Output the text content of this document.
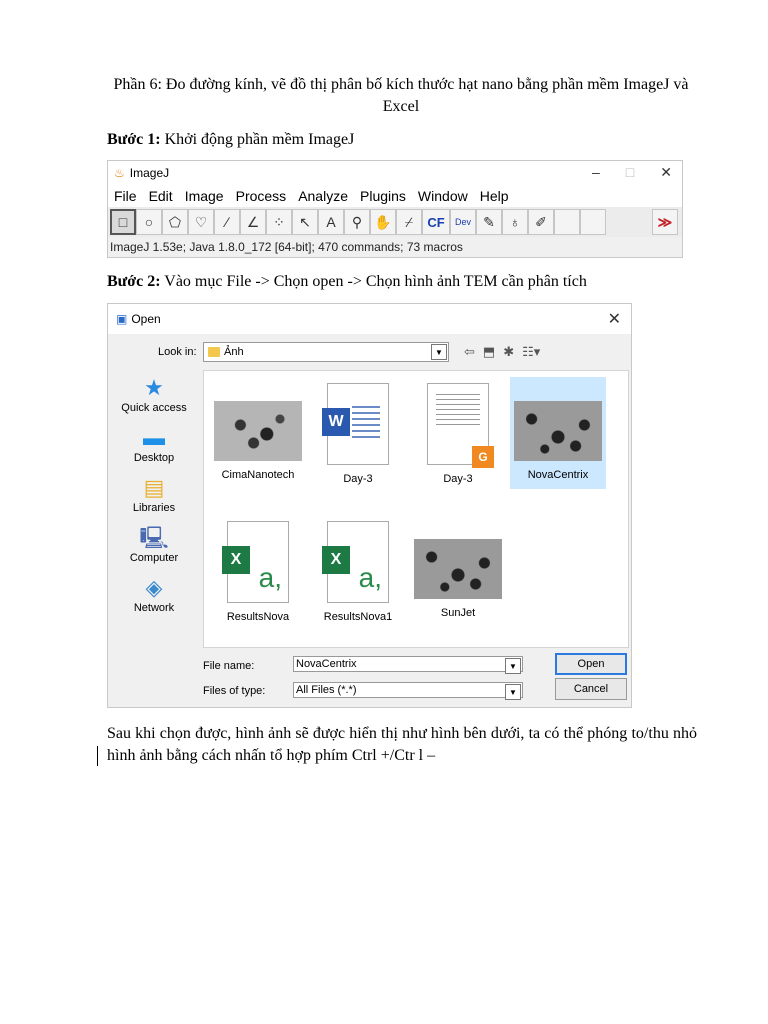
Phần 6: Đo đường kính, vẽ đồ thị phân bố kích thước hạt nano bằng phần mềm ImageJ và Excel
Bước 1: Khởi động phần mềm ImageJ
♨ ImageJ	– □ ✕
File Edit Image Process Analyze Plugins Window Help
□	○	⬠ ♡	∕	∠ ⁘	↖	A	⚲ ✋ ⌿	CF	Dev ✎	♁	✐	≫
ImageJ 1.53e; Java 1.8.0_172 [64-bit]; 470 commands; 73 macros
Bước 2: Vào mục File -> Chọn open -> Chọn hình ảnh TEM cần phân tích
▣ Open	✕
Look in: Ảnh	▼	⇦ ⬒ ✱ ☷▾
★
Quick access
▬
Desktop
▤
Libraries
🖳
Computer
◈
Network
CimaNanotech
W
Day-3
G
Day-3	NovaCentrix
X
a,
ResultsNova
X
a,
ResultsNova1	SunJet
File name:	NovaCentrix	▼
Files of type:	All Files (*.*)	▼
Open
Cancel
Sau khi chọn được, hình ảnh sẽ được hiển thị như hình bên dưới, ta có thể phóng to/thu nhỏ hình ảnh bằng cách nhấn tổ hợp phím Ctrl +/Ctr l –
